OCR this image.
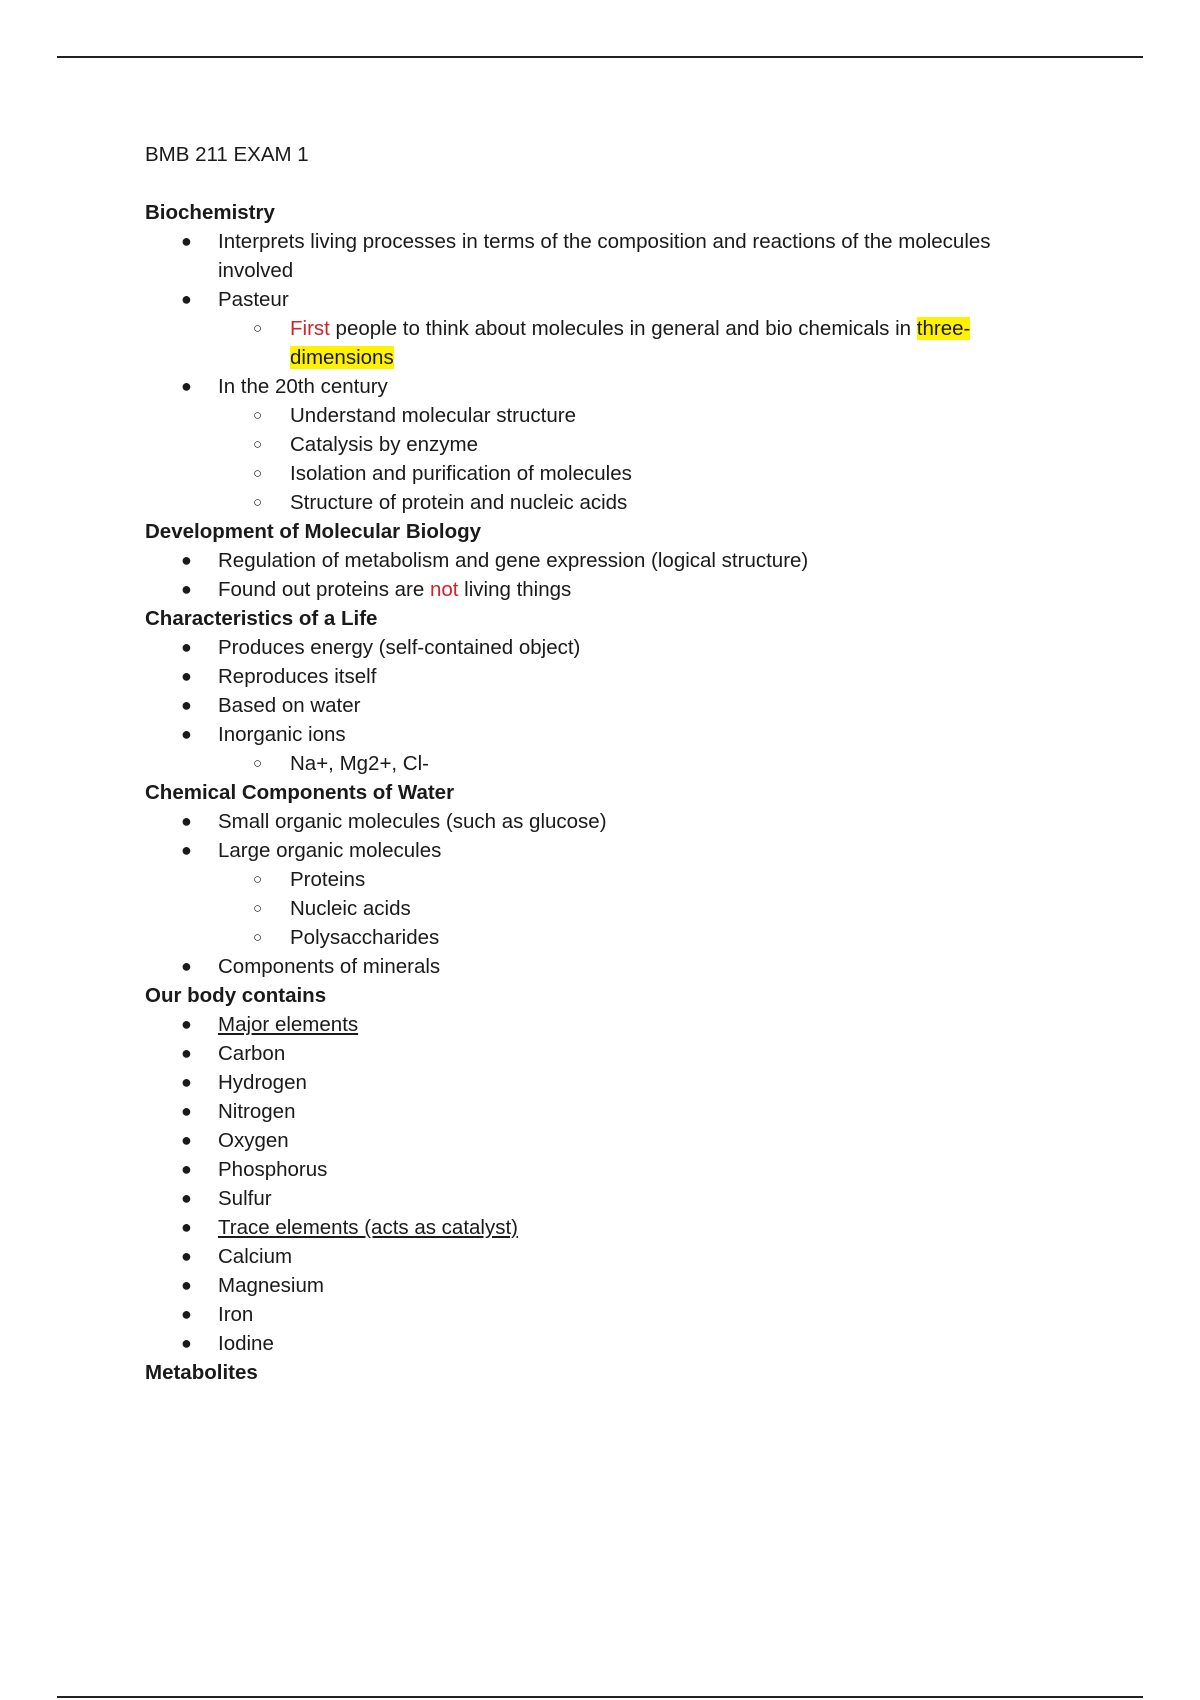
BMB 211 EXAM 1
Biochemistry
● Interprets living processes in terms of the composition and reactions of the molecules involved
● Pasteur
○ First people to think about molecules in general and bio chemicals in three-dimensions
● In the 20th century
○ Understand molecular structure
○ Catalysis by enzyme
○ Isolation and purification of molecules
○ Structure of protein and nucleic acids
Development of Molecular Biology
● Regulation of metabolism and gene expression (logical structure)
● Found out proteins are not living things
Characteristics of a Life
● Produces energy (self-contained object)
● Reproduces itself
● Based on water
● Inorganic ions
○ Na+, Mg2+, Cl-
Chemical Components of Water
● Small organic molecules (such as glucose)
● Large organic molecules
○ Proteins
○ Nucleic acids
○ Polysaccharides
● Components of minerals
Our body contains
● Major elements
● Carbon
● Hydrogen
● Nitrogen
● Oxygen
● Phosphorus
● Sulfur
● Trace elements (acts as catalyst)
● Calcium
● Magnesium
● Iron
● Iodine
Metabolites
